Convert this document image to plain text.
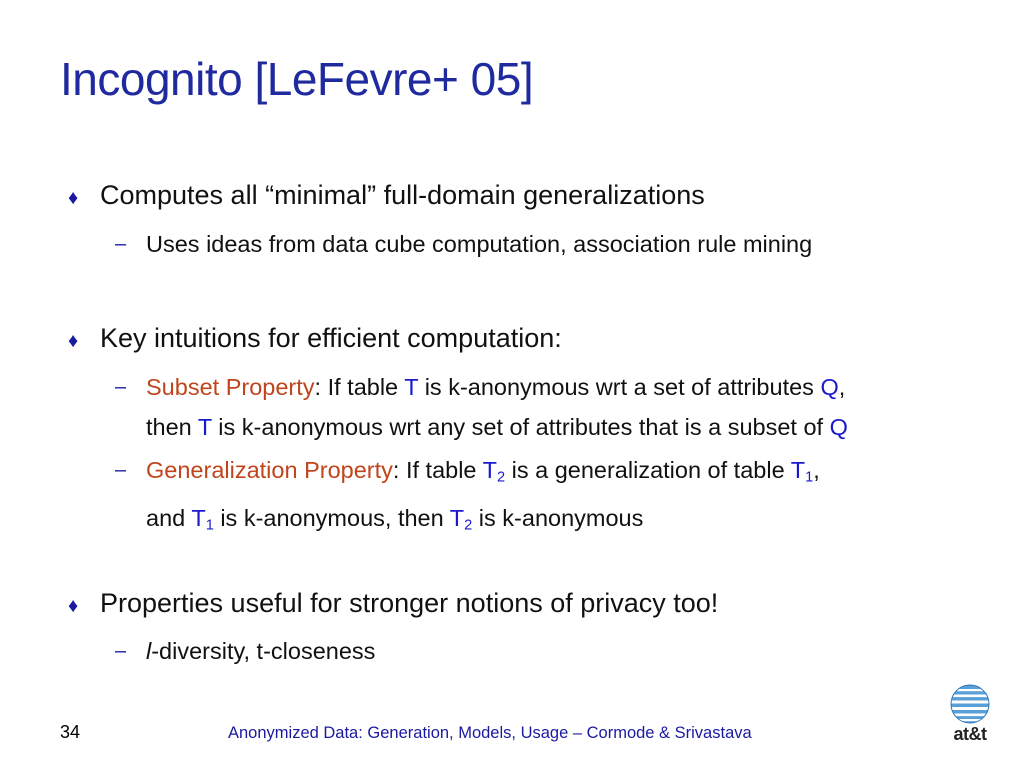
Incognito [LeFevre+ 05]
♦ Computes all “minimal” full-domain generalizations
– Uses ideas from data cube computation, association rule mining
♦ Key intuitions for efficient computation:
– Subset Property: If table T is k-anonymous wrt a set of attributes Q,
then T is k-anonymous wrt any set of attributes that is a subset of Q
– Generalization Property: If table $T_2$ is a generalization of table $T_1$,
and $T_1$ is k-anonymous, then $T_2$ is k-anonymous
♦ Properties useful for stronger notions of privacy too!
– l-diversity, t-closeness
34	Anonymized Data: Generation, Models, Usage – Cormode & Srivastava	at&t
